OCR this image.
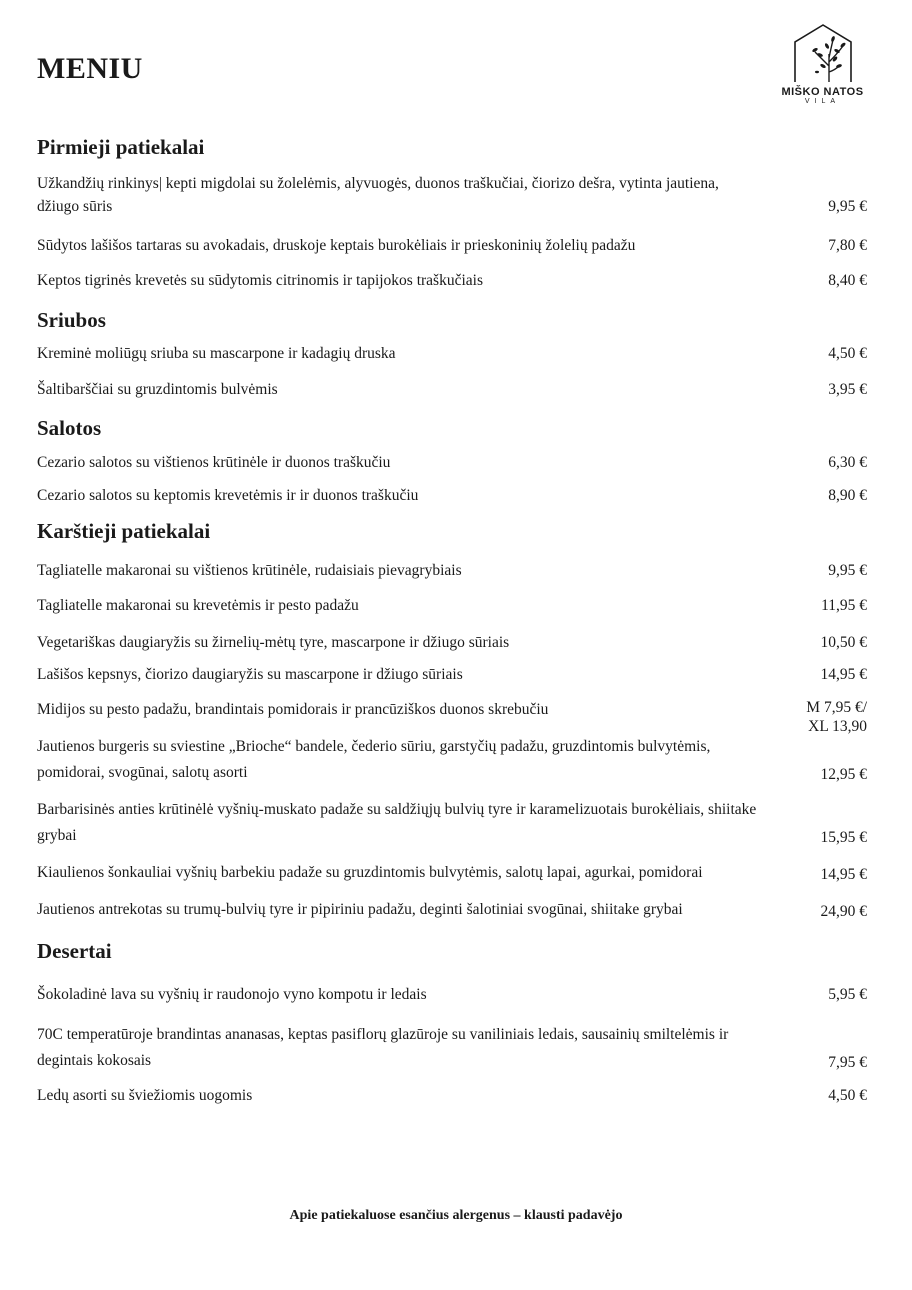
MENIU
MIŠKO NATOS
VILA
Pirmieji patiekalai
Užkandžių rinkinys| kepti migdolai su žolelėmis, alyvuogės, duonos traškučiai, čiorizo dešra, vytinta jautiena, džiugo sūris	9,95 €
Sūdytos lašišos tartaras su avokadais, druskoje keptais burokėliais ir prieskoninių žolelių padažu	7,80 €
Keptos tigrinės krevetės su sūdytomis citrinomis ir tapijokos traškučiais	8,40 €
Sriubos
Kreminė moliūgų sriuba su mascarpone ir kadagių druska	4,50 €
Šaltibarščiai su gruzdintomis bulvėmis	3,95 €
Salotos
Cezario salotos su vištienos krūtinėle ir duonos traškučiu	6,30 €
Cezario salotos su keptomis krevetėmis ir ir duonos traškučiu	8,90 €
Karštieji patiekalai
Tagliatelle makaronai su vištienos krūtinėle, rudaisiais pievagrybiais	9,95 €
Tagliatelle makaronai su krevetėmis ir pesto padažu	11,95 €
Vegetariškas daugiaryžis su žirnelių-mėtų tyre, mascarpone ir džiugo sūriais	10,50 €
Lašišos kepsnys, čiorizo daugiaryžis su mascarpone ir džiugo sūriais	14,95 €
Midijos su pesto padažu, brandintais pomidorais ir prancūziškos duonos skrebučiu	M 7,95 €/
XL 13,90
Jautienos burgeris su sviestine „Brioche“ bandele, čederio sūriu, garstyčių padažu, gruzdintomis bulvytėmis, pomidorai, svogūnai, salotų asorti	12,95 €
Barbarisinės anties krūtinėlė vyšnių-muskato padaže su saldžiųjų bulvių tyre ir karamelizuotais burokėliais, shiitake grybai	15,95 €
Kiaulienos šonkauliai vyšnių barbekiu padaže su gruzdintomis bulvytėmis, salotų lapai, agurkai, pomidorai	14,95 €
Jautienos antrekotas su trumų-bulvių tyre ir pipiriniu padažu, deginti šalotiniai svogūnai, shiitake grybai	24,90 €
Desertai
Šokoladinė lava su vyšnių ir raudonojo vyno kompotu ir ledais	5,95 €
70C temperatūroje brandintas ananasas, keptas pasiflorų glazūroje su vaniliniais ledais, sausainių smiltelėmis ir degintais kokosais	7,95 €
Ledų asorti su šviežiomis uogomis	4,50 €
Apie patiekaluose esančius alergenus – klausti padavėjo
